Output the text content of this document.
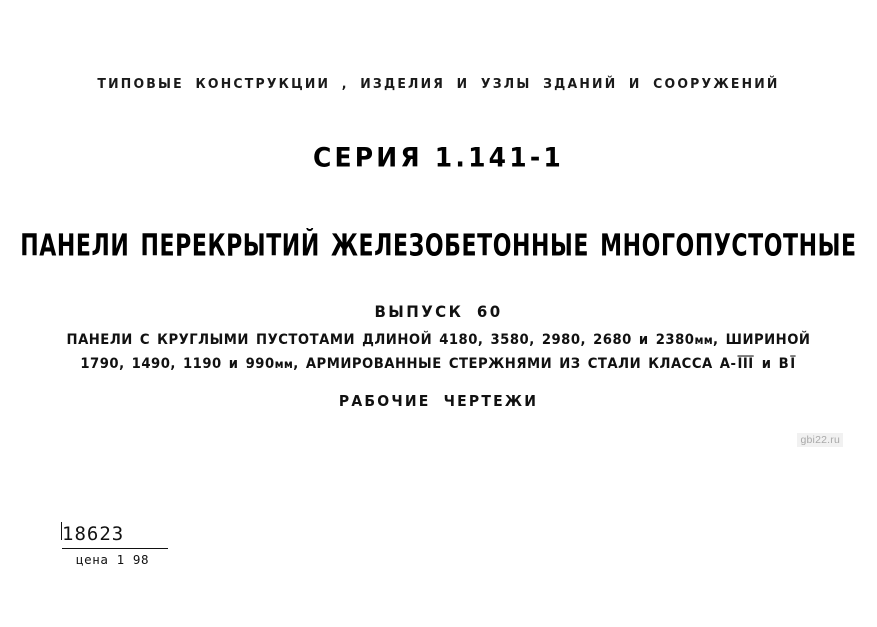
ТИПОВЫЕ КОНСТРУКЦИИ , ИЗДЕЛИЯ И УЗЛЫ ЗДАНИЙ И СООРУЖЕНИЙ
СЕРИЯ 1.141-1
ПАНЕЛИ ПЕРЕКРЫТИЙ ЖЕЛЕЗОБЕТОННЫЕ МНОГОПУСТОТНЫЕ
ВЫПУСК 60
ПАНЕЛИ С КРУГЛЫМИ ПУСТОТАМИ ДЛИНОЙ 4180, 3580, 2980, 2680 и 2380мм, ШИРИНОЙ
1790, 1490, 1190 и 990мм, АРМИРОВАННЫЕ СТЕРЖНЯМИ ИЗ СТАЛИ КЛАССА $А-\overline{III}$ и $В\overline{I}$
РАБОЧИЕ ЧЕРТЕЖИ
gbi22.ru
18623
цена 1 98
